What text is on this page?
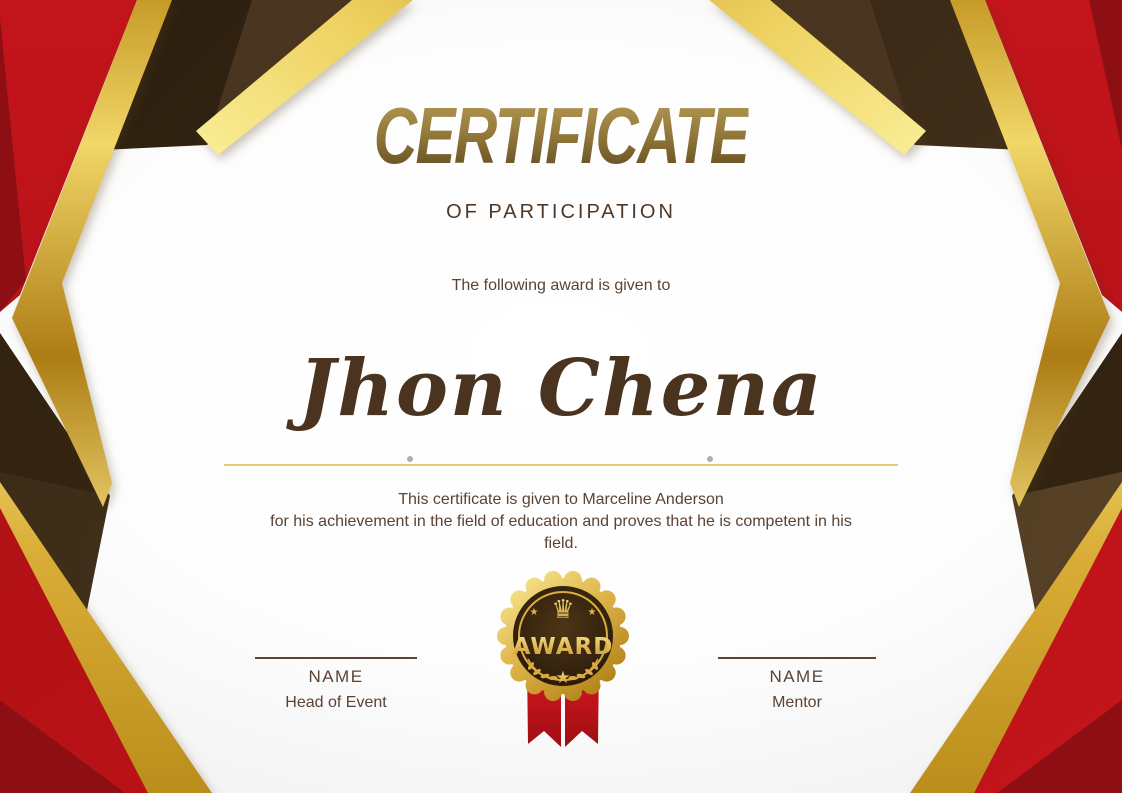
CERTIFICATE
OF PARTICIPATION
The following award is given to
Jhon Chena
This certificate is given to Marceline Anderson
for his achievement in the field of education and proves that he is competent in his
field.
♛
★	★
AWARD
★
NAME
Head of Event
NAME
Mentor
